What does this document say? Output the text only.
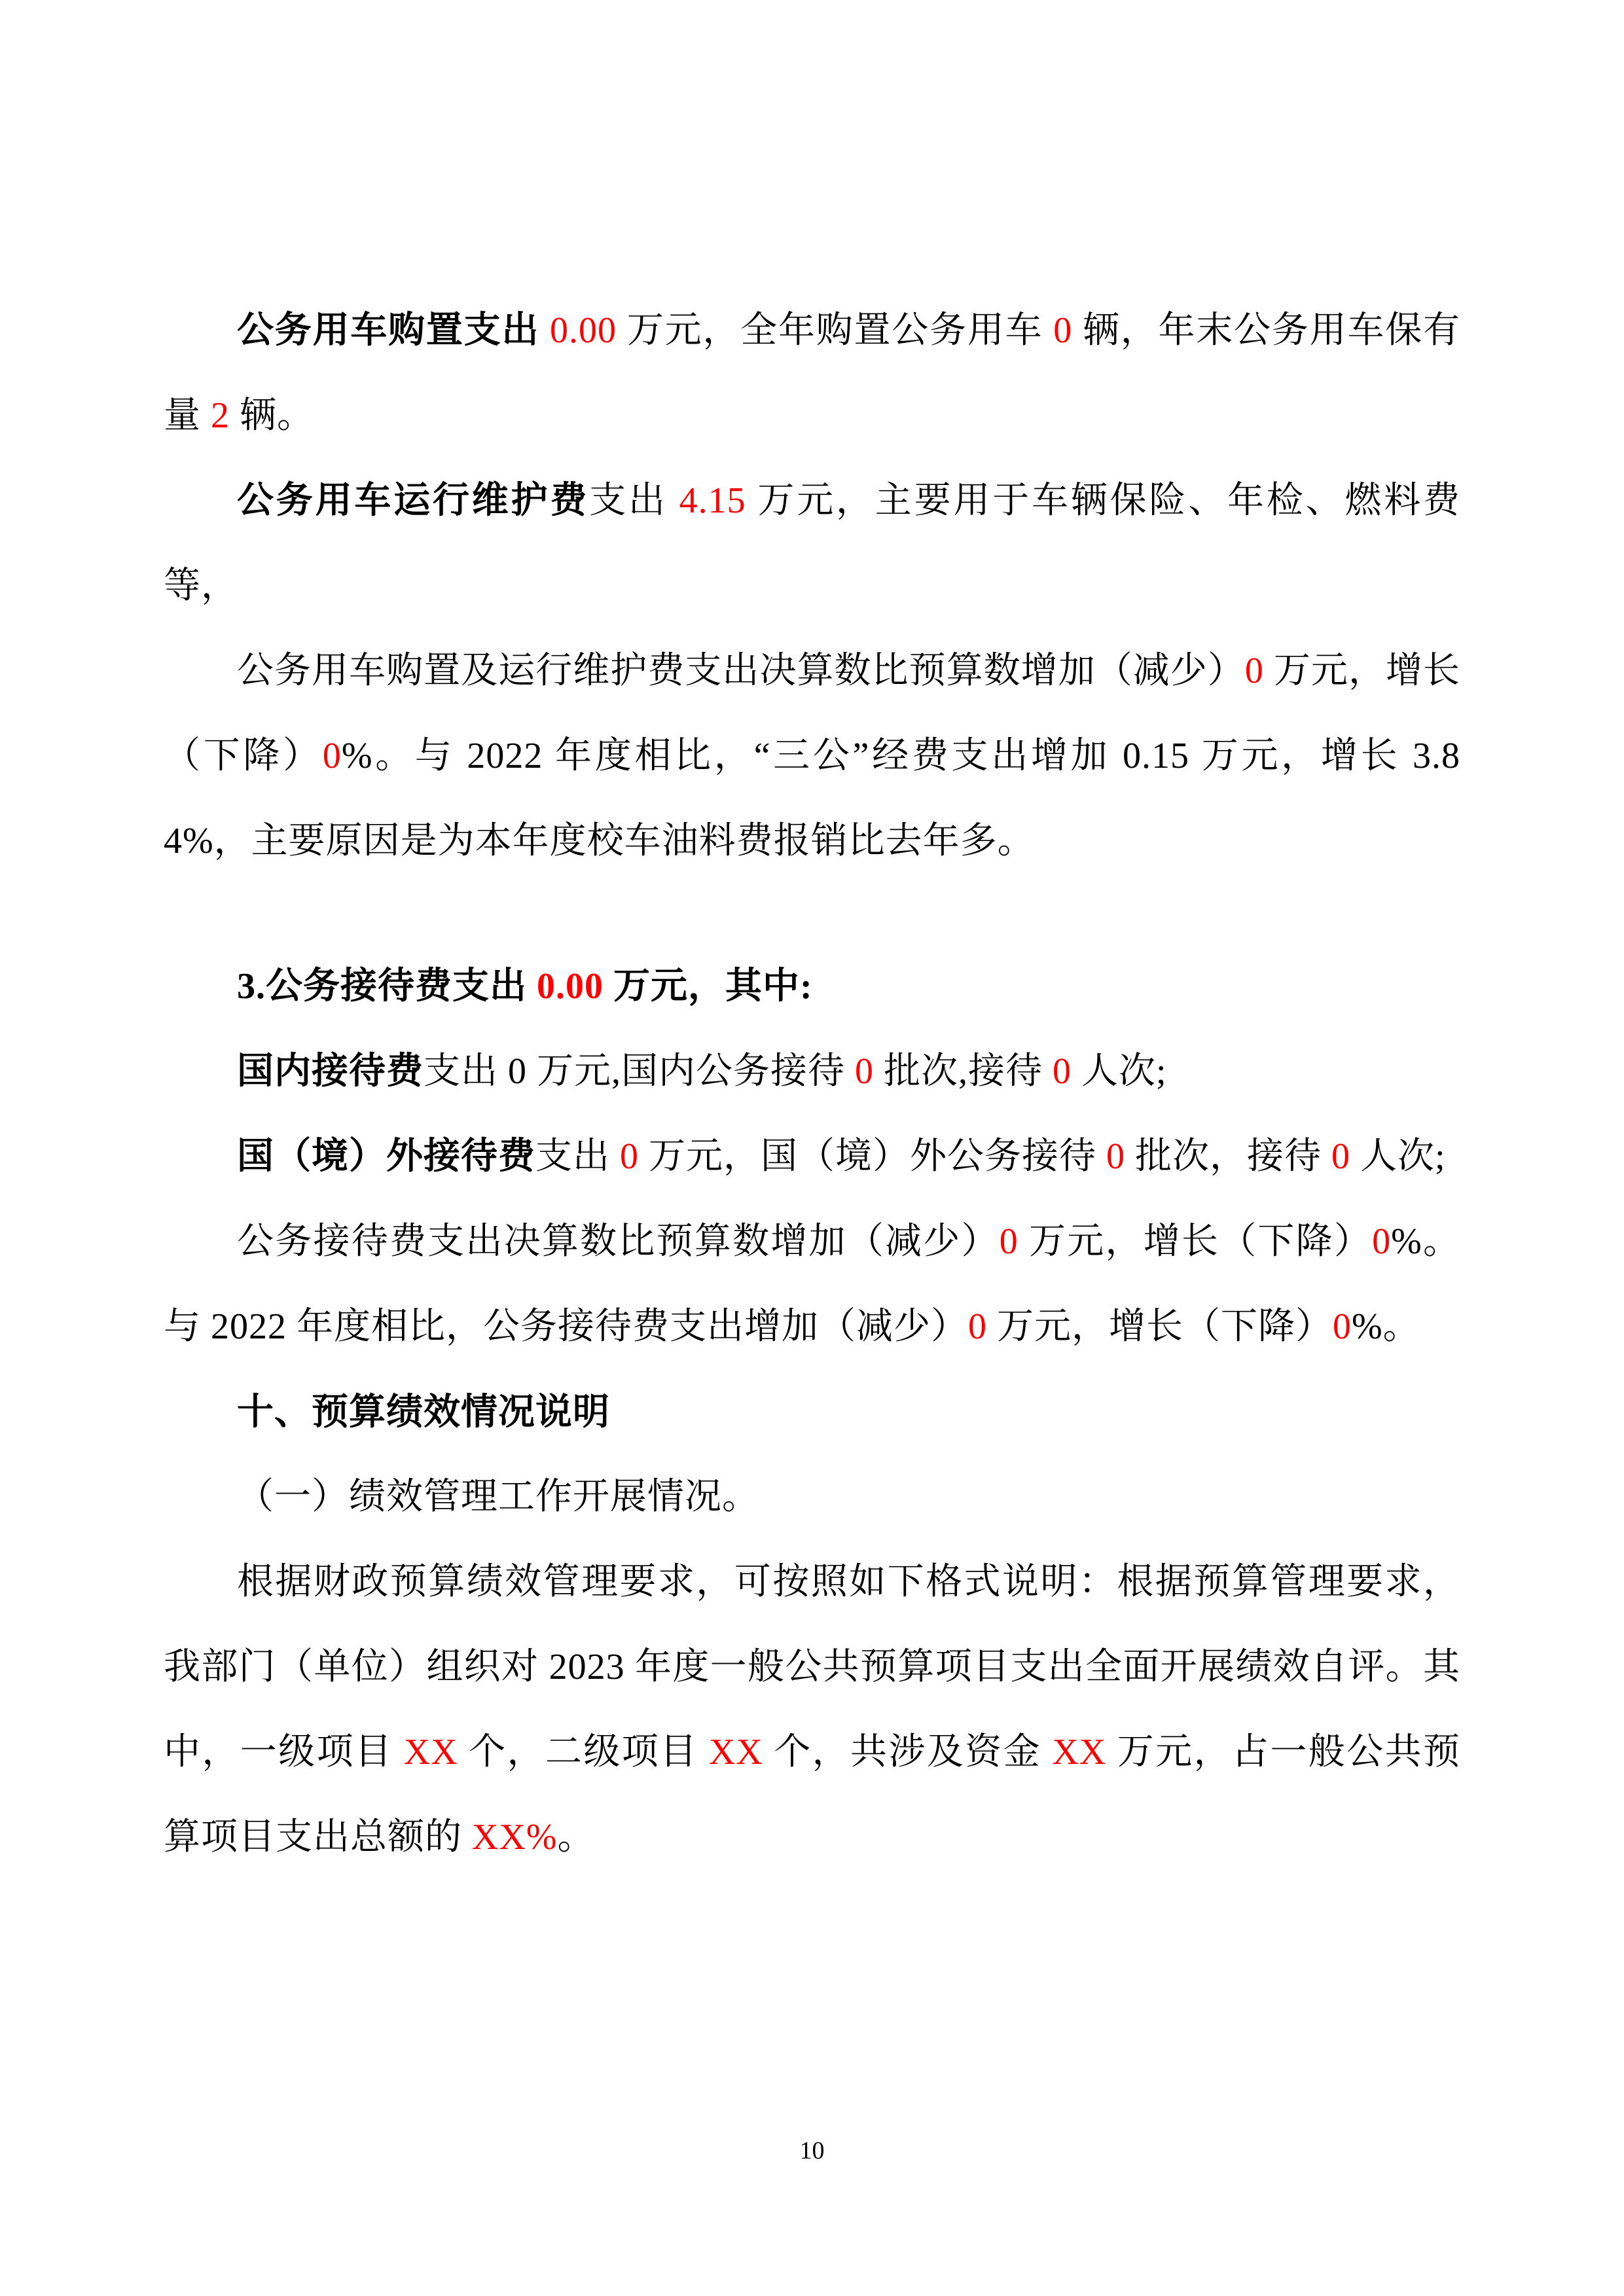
公务用车购置支出 0.00 万元，全年购置公务用车 0 辆，年末公务用车保有量 2 辆。

公务用车运行维护费支出 4.15 万元，主要用于车辆保险、年检、燃料费等，

公务用车购置及运行维护费支出决算数比预算数增加（减少）0 万元，增长（下降）0%。与 2022 年度相比，“三公”经费支出增加 0.15 万元，增长 3.84%，主要原因是为本年度校车油料费报销比去年多。

3.公务接待费支出 0.00 万元，其中:

国内接待费支出 0 万元,国内公务接待 0 批次,接待 0 人次;

国（境）外接待费支出 0 万元，国（境）外公务接待 0 批次，接待 0 人次;

公务接待费支出决算数比预算数增加（减少）0 万元，增长（下降）0%。与 2022 年度相比，公务接待费支出增加（减少）0 万元，增长（下降）0%。

十、预算绩效情况说明

（一）绩效管理工作开展情况。

根据财政预算绩效管理要求，可按照如下格式说明：根据预算管理要求，我部门（单位）组织对 2023 年度一般公共预算项目支出全面开展绩效自评。其中，一级项目 XX 个，二级项目 XX 个，共涉及资金 XX 万元，占一般公共预算项目支出总额的 XX%。

10
